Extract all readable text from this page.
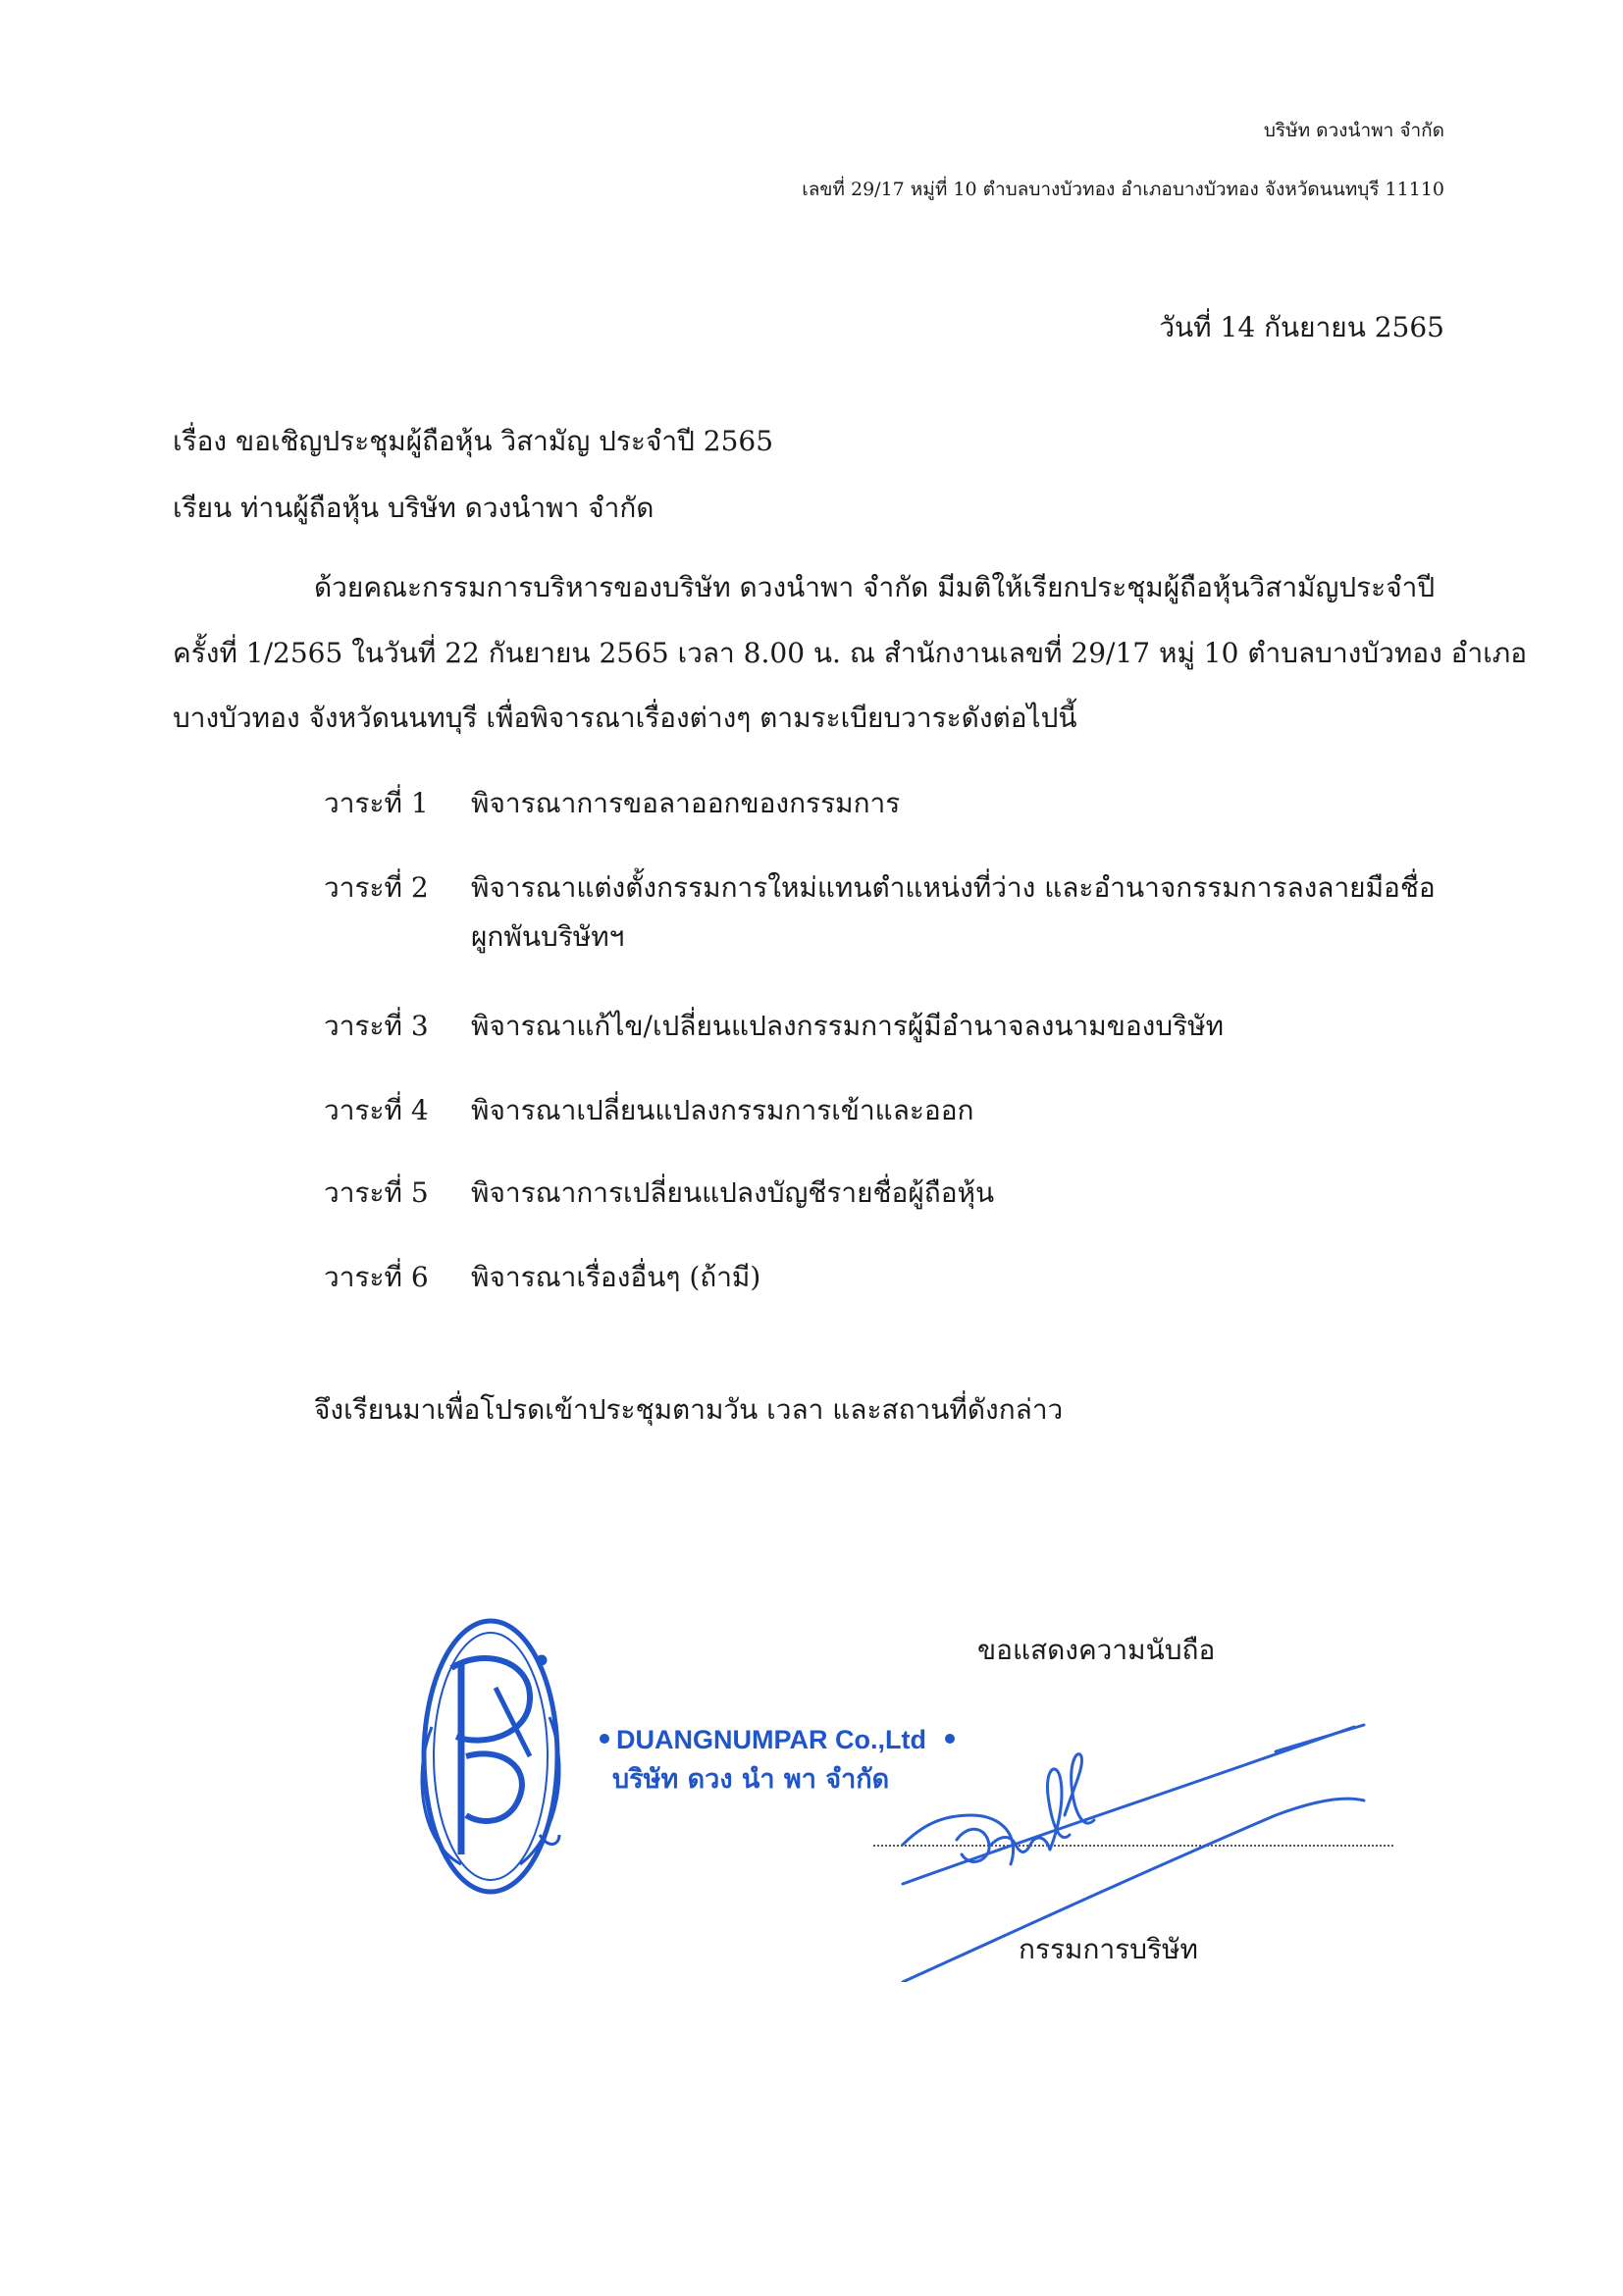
บริษัท ดวงนำพา จำกัด
เลขที่ 29/17 หมู่ที่ 10 ตำบลบางบัวทอง อำเภอบางบัวทอง จังหวัดนนทบุรี 11110
วันที่ 14 กันยายน 2565
เรื่อง ขอเชิญประชุมผู้ถือหุ้น วิสามัญ ประจำปี 2565
เรียน ท่านผู้ถือหุ้น บริษัท ดวงนำพา จำกัด
ด้วยคณะกรรมการบริหารของบริษัท ดวงนำพา จำกัด มีมติให้เรียกประชุมผู้ถือหุ้นวิสามัญประจำปี
ครั้งที่ 1/2565 ในวันที่ 22 กันยายน 2565 เวลา 8.00 น. ณ สำนักงานเลขที่ 29/17 หมู่ 10 ตำบลบางบัวทอง อำเภอ
บางบัวทอง จังหวัดนนทบุรี เพื่อพิจารณาเรื่องต่างๆ ตามระเบียบวาระดังต่อไปนี้
วาระที่ 1 พิจารณาการขอลาออกของกรรมการ
วาระที่ 2 พิจารณาแต่งตั้งกรรมการใหม่แทนตำแหน่งที่ว่าง และอำนาจกรรมการลงลายมือชื่อ
ผูกพันบริษัทฯ
วาระที่ 3 พิจารณาแก้ไข/เปลี่ยนแปลงกรรมการผู้มีอำนาจลงนามของบริษัท
วาระที่ 4 พิจารณาเปลี่ยนแปลงกรรมการเข้าและออก
วาระที่ 5 พิจารณาการเปลี่ยนแปลงบัญชีรายชื่อผู้ถือหุ้น
วาระที่ 6 พิจารณาเรื่องอื่นๆ (ถ้ามี)
จึงเรียนมาเพื่อโปรดเข้าประชุมตามวัน เวลา และสถานที่ดังกล่าว
ขอแสดงความนับถือ
DUANGNUMPAR Co.,Ltd
บริษัท ดวง นำ พา จำกัด
กรรมการบริษัท
